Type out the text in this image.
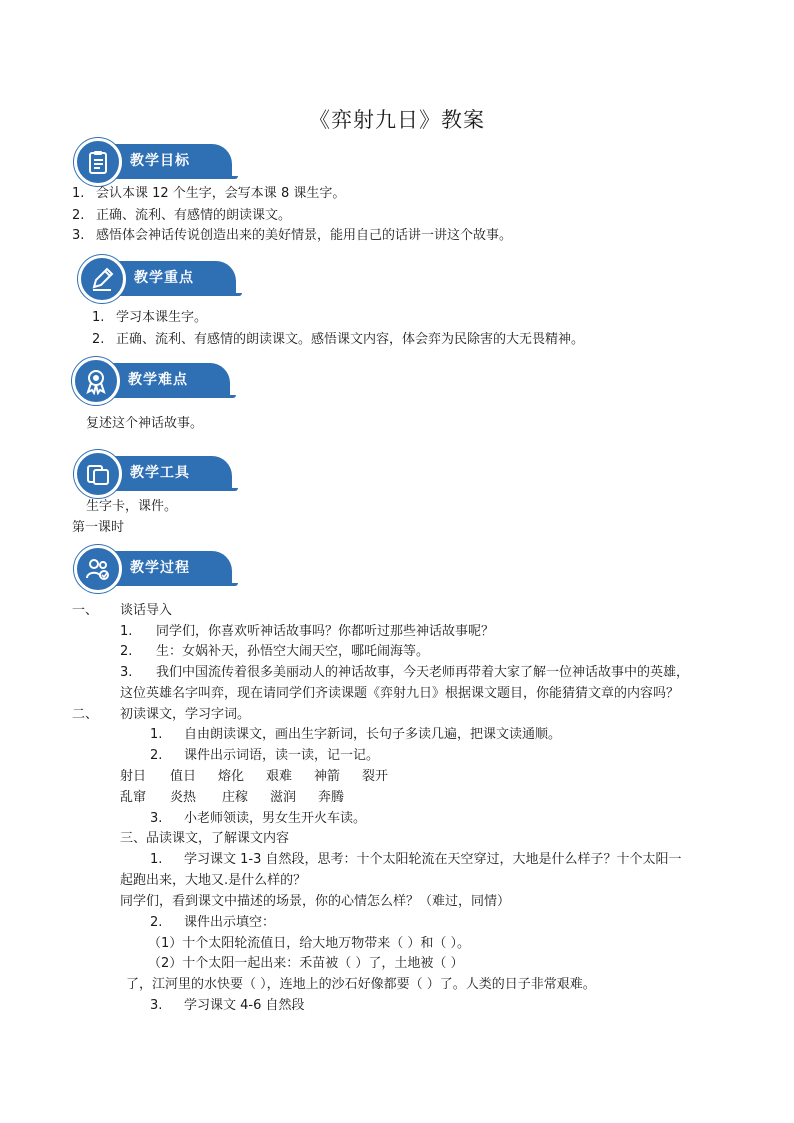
《弈射九日》教案
教学目标
1. 会认本课 12 个生字，会写本课 8 课生字。
2. 正确、流利、有感情的朗读课文。
3. 感悟体会神话传说创造出来的美好情景，能用自己的话讲一讲这个故事。
教学重点
1. 学习本课生字。
2. 正确、流利、有感情的朗读课文。感悟课文内容，体会弈为民除害的大无畏精神。
教学难点
复述这个神话故事。
教学工具
生字卡，课件。
第一课时
教学过程
一、 谈话导入
1. 同学们，你喜欢听神话故事吗？你都听过那些神话故事呢？
2. 生：女娲补天，孙悟空大闹天空，哪吒闹海等。
3. 我们中国流传着很多美丽动人的神话故事，今天老师再带着大家了解一位神话故事中的英雄，
这位英雄名字叫弈，现在请同学们齐读课题《弈射九日》根据课文题目，你能猜猜文章的内容吗？
二、 初读课文，学习字词。
1. 自由朗读课文，画出生字新词，长句子多读几遍，把课文读通顺。
2. 课件出示词语，读一读，记一记。
射日 值日 熔化 艰难 神箭 裂开
乱窜 炎热 庄稼 滋润 奔腾
3. 小老师领读，男女生开火车读。
三、品读课文，了解课文内容
1. 学习课文 1-3 自然段，思考：十个太阳轮流在天空穿过，大地是什么样子？十个太阳一
起跑出来，大地又.是什么样的？
同学们，看到课文中描述的场景，你的心情怎么样？（难过，同情）
2. 课件出示填空：
（1）十个太阳轮流值日，给大地万物带来（ ）和（ ）。
（2）十个太阳一起出来：禾苗被（ ）了，土地被（ ）
了，江河里的水快要（ ），连地上的沙石好像都要（ ）了。人类的日子非常艰难。
3. 学习课文 4-6 自然段
